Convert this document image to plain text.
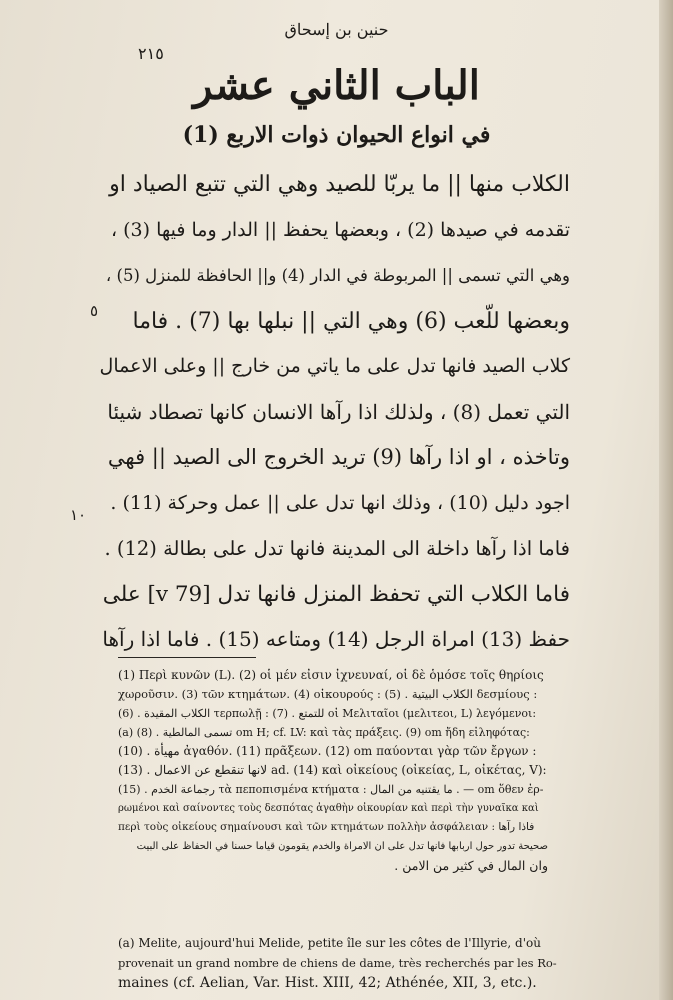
حنين بن إسحاق
٢١٥
الباب الثاني عشر
في انواع الحيوان ذوات الاربع (1)
الكلاب منها || ما يربّا للصيد وهي التي تتبع الصياد او
تقدمه في صيدها (2) ، وبعضها يحفظ || الدار وما فيها (3) ،
وهي التي تسمى || المربوطة في الدار (4) و|| الحافظة للمنزل (5) ،
وبعضها للّعب (6) وهي التي || نبلها بها (7) . فاما
كلاب الصيد فانها تدل على ما ياتي من خارج || وعلى الاعمال
التي تعمل (8) ، ولذلك اذا رآها الانسان كانها تصطاد شيئا
وتاخذه ، او اذا رآها (9) تريد الخروج الى الصيد || فهي
اجود دليل (10) ، وذلك انها تدل على || عمل وحركة (11) .
فاما اذا رآها داخلة الى المدينة فانها تدل على بطالة (12) .
فاما الكلاب التي تحفظ المنزل فانها تدل [79 v] على
حفظ (13) امراة الرجل (14) ومتاعه (15) . فاما اذا رآها
٥
١٠
(1) Περὶ κυνῶν (L). (2) οἱ μέν εἰσιν ἰχνευναί, οἱ δὲ ὁμόσε τοῖς θηρίοις
χωροῦσιν. (3) τῶν κτημάτων. (4) οἰκουρούς : الكلاب البيتية . (5) δεσμίους :
الكلاب المقيدة . (6) τερπωλῇ : للتمتع . (7) οἱ Μελιταῖοι (μελιτεοι, L) λεγόμενοι:
(a) تسمى المالطية . (8) om H; cf. LV: καὶ τὰς πράξεις. (9) om ἤδη εἰληφότας:
مهيأة . (10) ἀγαθόν. (11) πρᾶξεων. (12) om παύονται γὰρ τῶν ἔργων :
لانها تنقطع عن الاعمال . (13) ad. (14) καὶ οἰκείους (οἰκείας, L, οἰκέτας, V):
رجماعة الخدم . (15) τὰ πεποπισμένα κτήματα : ما يقتنيه من المال . — om ὅθεν ἐρ-
ρωμένοι καὶ σαίνοντες τοὺς δεσπότας ἀγαθὴν οἰκουρίαν καὶ περὶ τὴν γυναῖκα καὶ
περὶ τοὺς οἰκείους σημαίνουσι καὶ τῶν κτημάτων πολλὴν ἀσφάλειαν : فاذا رآها
صحيحة تدور حول اربابها فانها تدل على ان الامراة والخدم يقومون قياما حسنا في الحفاظ على البيت
وان المال في كثير من الامن .
(a) Melite, aujourd'hui Melide, petite île sur les côtes de l'Illyrie, d'où
provenait un grand nombre de chiens de dame, très recherchés par les Ro-
maines (cf. Aelian, Var. Hist. XIII, 42; Athénée, XII, 3, etc.).
